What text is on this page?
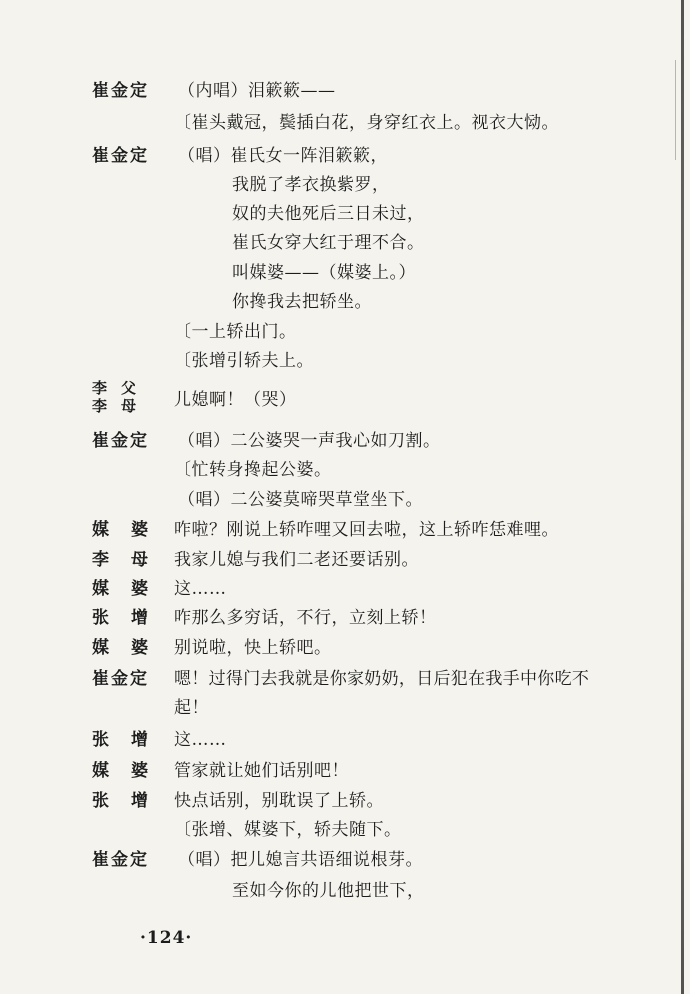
崔金定 （内唱）泪簌簌——
〔崔头戴冠，鬓插白花，身穿红衣上。视衣大恸。
崔金定 （唱）崔氏女一阵泪簌簌，
我脱了孝衣换紫罗，
奴的夫他死后三日未过，
崔氏女穿大红于理不合。
叫媒婆——（媒婆上。）
你搀我去把轿坐。
〔一上轿出门。
〔张增引轿夫上。
李父
李母 儿媳啊！（哭）
崔金定 （唱）二公婆哭一声我心如刀割。
〔忙转身搀起公婆。
（唱）二公婆莫啼哭草堂坐下。
媒婆 咋啦？刚说上轿咋哩又回去啦，这上轿咋恁难哩。
李母 我家儿媳与我们二老还要话别。
媒婆 这……
张增 咋那么多穷话，不行，立刻上轿！
媒婆 别说啦，快上轿吧。
崔金定 嗯！过得门去我就是你家奶奶，日后犯在我手中你吃不
起！
张增 这……
媒婆 管家就让她们话别吧！
张增 快点话别，别耽误了上轿。
〔张增、媒婆下，轿夫随下。
崔金定 （唱）把儿媳言共语细说根芽。
至如今你的儿他把世下，
·124·
